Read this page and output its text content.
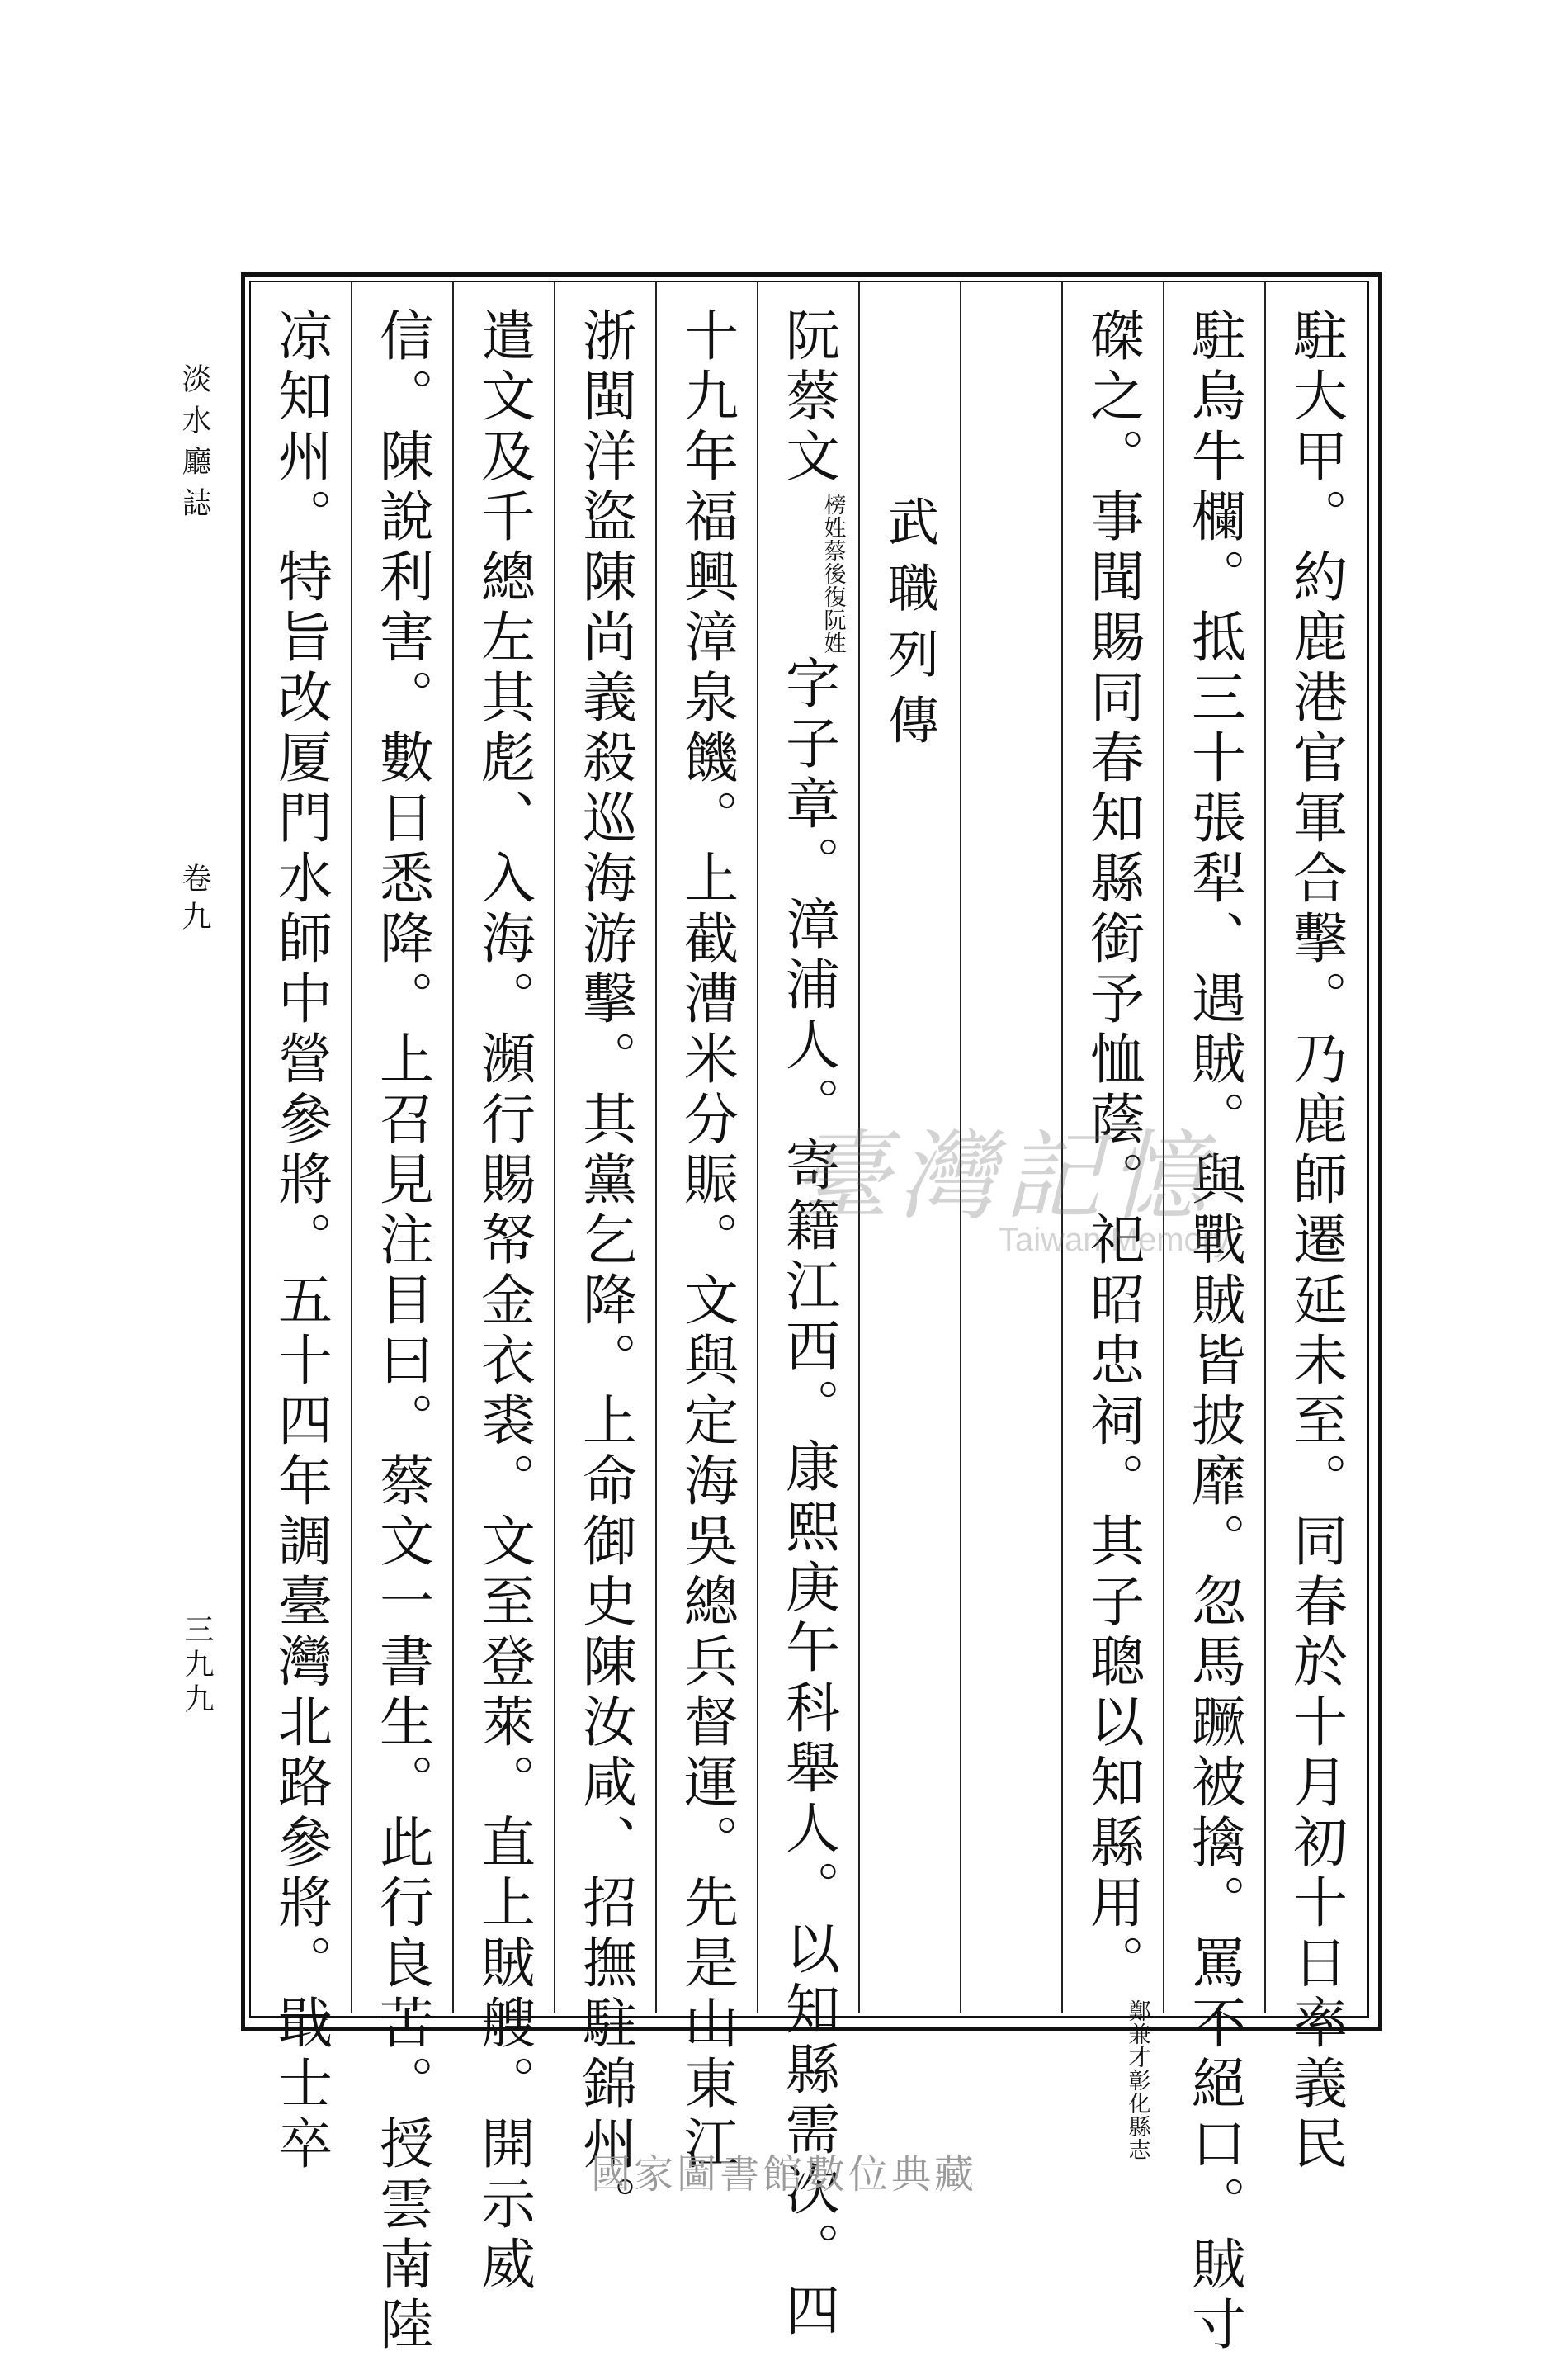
淡水廳誌
卷九
三九九	駐大甲。約鹿港官軍合擊。乃鹿師遷延未至。同春於十月初十日率義民
駐烏牛欄。抵三十張犁、遇賊。與戰賊皆披靡。忽馬蹶被擒。罵不絕口。賊寸
磔之。事聞賜同春知縣銜予恤蔭。祀昭忠祠。其子聰以知縣用。鄭兼才彰化縣志
武職列傳
阮蔡文榜姓蔡後復阮姓字子章。漳浦人。寄籍江西。康熙庚午科舉人。以知縣需次。四
十九年福興漳泉饑。上截漕米分賑。文與定海吳總兵督運。先是山東江
浙閩洋盜陳尚義殺巡海游擊。其黨乞降。上命御史陳汝咸、招撫駐錦州。
遣文及千總左其彪、入海。瀕行賜帑金衣裘。文至登萊。直上賊艘。開示威
信。陳說利害。數日悉降。上召見注目曰。蔡文一書生。此行良苦。授雲南陸
凉知州。特旨改厦門水師中營參將。五十四年調臺灣北路參將。戢士卒	臺灣記憶
Taiwan Memory
國家圖書館數位典藏
